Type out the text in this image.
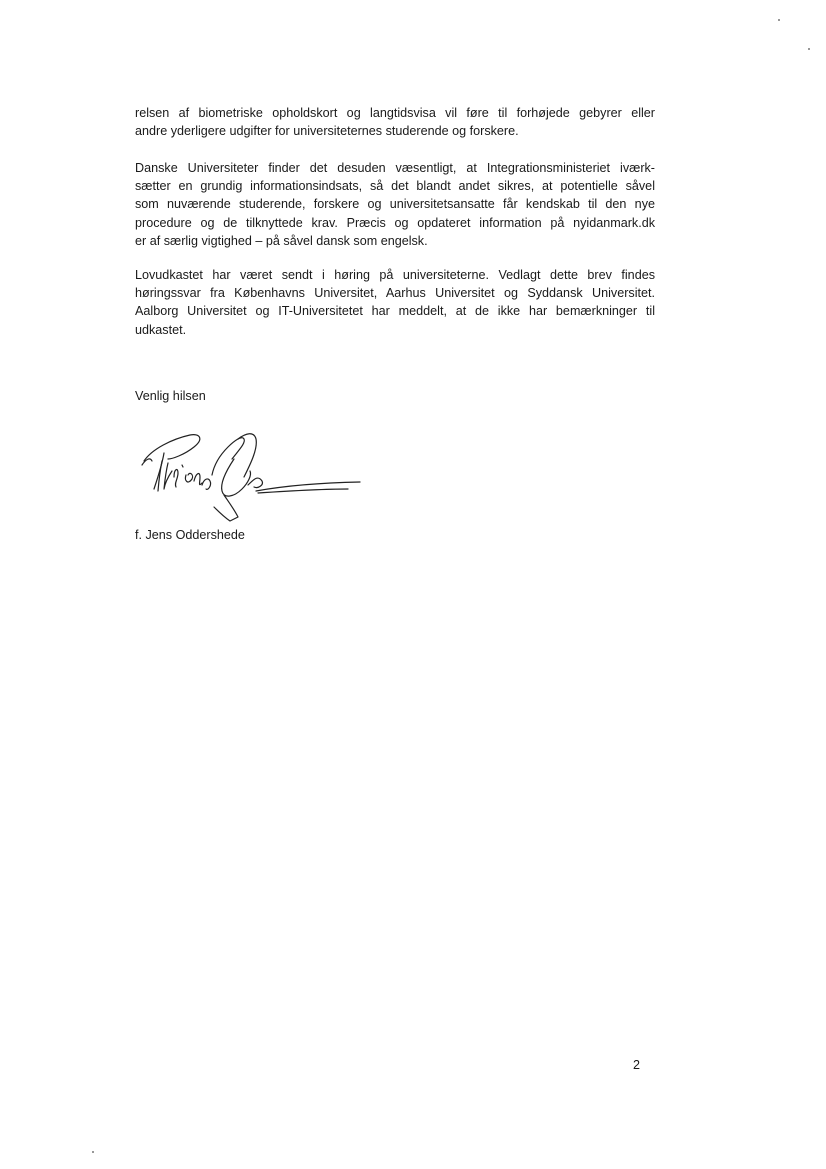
relsen af biometriske opholdskort og langtidsvisa vil føre til forhøjede gebyrer eller
andre yderligere udgifter for universiteternes studerende og forskere.
Danske Universiteter finder det desuden væsentligt, at Integrationsministeriet iværk-
sætter en grundig informationsindsats, så det blandt andet sikres, at potentielle såvel
som nuværende studerende, forskere og universitetsansatte får kendskab til den nye
procedure og de tilknyttede krav. Præcis og opdateret information på nyidanmark.dk
er af særlig vigtighed – på såvel dansk som engelsk.
Lovudkastet har været sendt i høring på universiteterne. Vedlagt dette brev findes
høringssvar fra Københavns Universitet, Aarhus Universitet og Syddansk Universitet.
Aalborg Universitet og IT-Universitetet har meddelt, at de ikke har bemærkninger til
udkastet.

Venlig hilsen

f. Jens Oddershede

2
